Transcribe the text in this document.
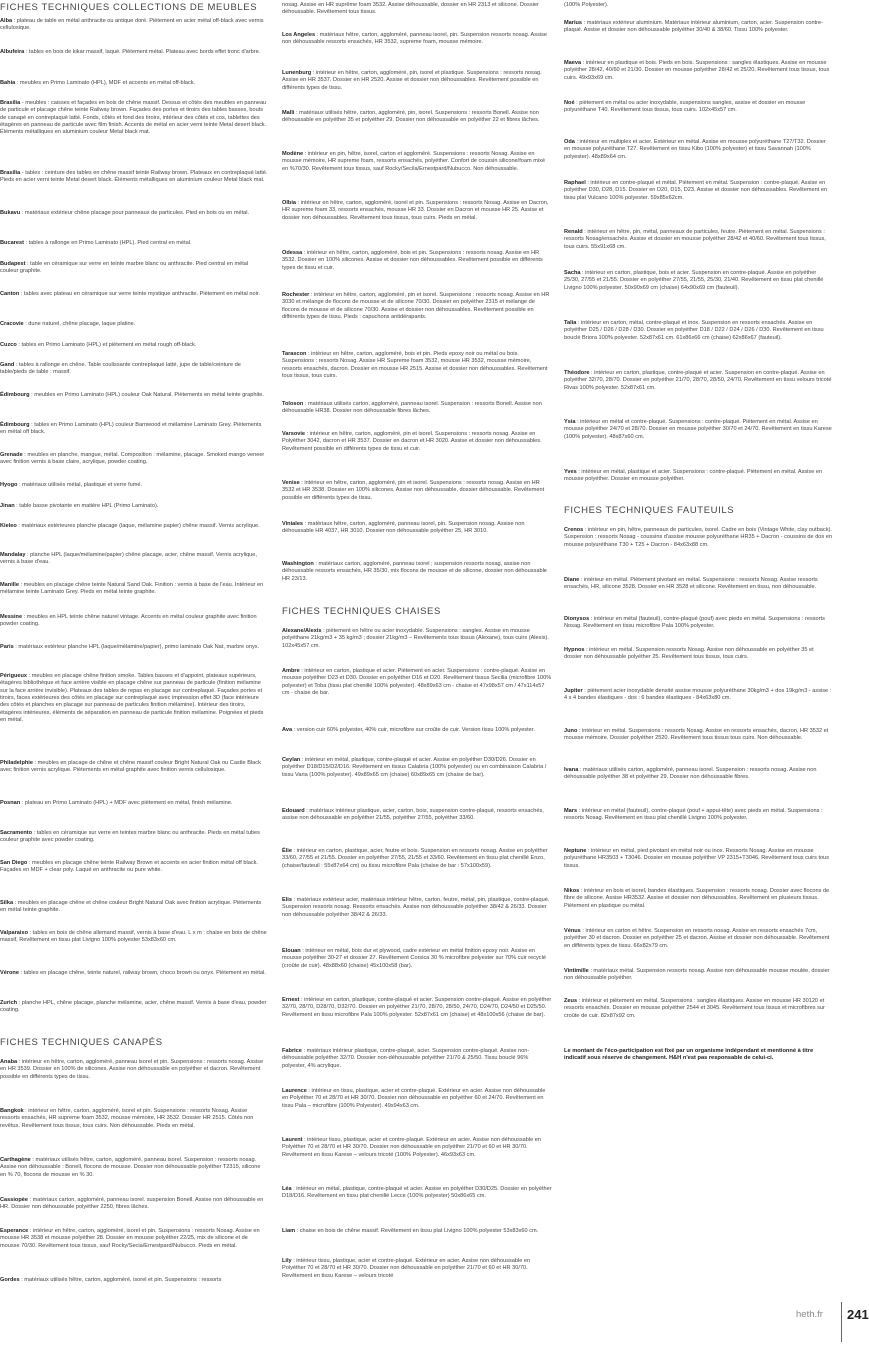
FICHES TECHNIQUES COLLECTIONS DE MEUBLES

Alba : plateau de table en métal anthracite ou antique doré. Piètement en acier métal off-black avec vernis cellulosique.

Albufeira : tables en bois de kikar massif, laqué. Piètement métal. Plateau avec bords effet tronc d'arbre.

Bahia : meubles en Primo Laminato (HPL), MDF et accents en métal off-black.

Brasilia - meubles : caisses et façades en bois de chêne massif. Dessus et côtés des meubles en panneau de particule et placage chêne teinte Railway brown. Façades des portes et tiroirs des tables basses, bouts de canapé en contreplaqué latté. Fonds, côtés et fond des tiroirs, intérieur des côtés et cos, tablettes des étagères en panneau de particule avec film finish. Accents de métal en acier verni teinte Metal desert black. Éléments métalliques en aluminium couleur Metal black mat.

Brasilia - tables : ceinture des tables en chêne massif teinte Railway brown. Plateaux en contreplaqué latté. Pieds en acier verni teinte Metal desert black. Éléments métalliques en aluminium couleur Metal black mat.

Bukavu : matériaux extérieur chêne placage pour panneaux de particules. Pied en bois ou en métal.

Bucarest : tables à rallonge en Primo Laminato (HPL). Pied central en métal.

Budapest : table en céramique sur verre en teinte marbre blanc ou anthracite. Pied central en métal couleur graphite.

Canton : tables avec plateau en céramique sur verre teinte mystique anthracite. Piètement en métal noir.

Cracovie : dune naturel, chêne placage, laque platine.

Cuzco : tables en Primo Laminato (HPL) et piètement en métal rough off-black.

Gand : tables à rallonge en chêne. Table coulissante contreplaqué latté, jupe de table/ceinture de table/pieds de table : massif.

Édimbourg : meubles en Primo Laminato (HPL) couleur Oak Natural. Piètements en métal teinte graphite.

Édimbourg : tables en Primo Laminato (HPL) couleur Barnwood et mélamine Laminato Grey. Piètements en métal off black.

Grenade : meubles en planche, mangue, métal. Composition : mélamine, placage. Smoked mango veneer avec finition vernis à base claire, acrylique, powder coating.

Hyogo : matériaux utilisés métal, plastique et verre fumé.

Jinan : table basse pivotante en matière HPL (Primo Laminato).

Kieleo : matériaux extérieures planche placage (laque, mélamine papier) chêne massif. Vernis acrylique.

Mandalay : planche HPL (laque/mélamine/papier) chêne placage, acier, chêne massif. Vernis acrylique, vernis à base d'eau.

Manille : meubles en placage chêne teinte Natural Sand Oak. Finition : vernis à base de l'eau. Intérieur en mélamine teinte Laminato Grey. Pieds en métal teinte graphite.

Messine : meubles en HPL teinte chêne naturel vintage. Accents en métal couleur graphite avec finition powder coating.

Paris : matériaux extérieur planche HPL (laque/mélamine/papier), primo laminato Oak Nat, marbre onyx.

Périgueux : meubles en placage chêne finition smoke. Tables basses et d'appoint, plateaux supérieurs, étagères bibliothèque et face arrière visible en placage chêne sur panneau de particule (finition mélamine sur la face arrière invisible). Plateaux des tables de repas en placage sur contreplaqué. Façades portes et tiroirs, faces extérieures des côtés en placage sur contreplaqué avec impression effet 3D (face intérieure des côtés et planches en placage sur panneau de particules finition mélamine). Intérieur des tiroirs, étagères intérieures, éléments de séparation en panneau de particule finition mélamine. Poignées et pieds en métal.

Philadelphie : meubles en placage de chêne et chêne massif couleur Bright Natural Oak ou Castle Black avec finition vernis acrylique. Piètements en métal graphite avec finition vernis cellulosique.

Posnan : plateau en Primo Laminato (HPL) + MDF avec piètement en métal, finish mélamine.

Sacramento : tables en céramique sur verre en teintes marbre blanc ou anthracite. Pieds en métal tubes couleur graphite avec powder coating.

San Diego : meubles en placage chêne teinte Railway Brown et accents en acier finition métal off black. Façades en MDF + clear poly. Laqué en anthracite ou pure white.

Silka : meubles en placage chêne et chêne couleur Bright Natural Oak avec finition acrylique. Piètements en métal teinte graphite.

Valparaiso : tables en bois de chêne allemand massif, vernis à base d'eau. L x m : chaise en bois de chêne massif, Revêtement en tissu plat Livigno 100% polyester 53x83x60 cm.

Vérone : tables en placage chêne, teinte naturel, railway brown, choco brown ou onyx. Piètement en métal.

Zurich : planche HPL, chêne placage, planche mélamine, acier, chêne massif. Vernis à base d'eau, powder coating.

FICHES TECHNIQUES CANAPÉS

Anaba : intérieur en hêtre, carton, aggloméré, panneau isorel et pin. Suspensions : ressorts nosag. Assise en HR 3539. Dossier en 100% de silicones. Assise non déhoussable en polyéther et dacron. Revêtement possible en différents types de tissu.

Bangkok : intérieur en hêtre, carton, aggloméré, isorel et pin. Suspensions : ressorts Nosag. Assise ressorts ensachés, HR supreme foam 3532, mousse mémoire, HR 3532. Dossier HR 2515. Côtés non revêtus. Revêtement tous tissus, tous cuirs. Non déhoussable. Pieds en métal.

Carthagène : matériaux utilisés hêtre, carton, aggloméré, panneau isorel. Suspension : ressorts nosag. Assise non déhoussable : Bonell, flocons de mousse. Dossier non déhoussable polyéther T2315, silicone en % 70, flocons de mousse en % 30.

Cassiopée : matériaux carton, aggloméré, panneau isorel. suspension Bonell. Assise non déhoussable en HR. Dossier non déhoussable polyéther 2250, fibres lâches.

Esperance : intérieur en hêtre, carton, aggloméré, isorel et pin. Suspensions : ressorts Nosag. Assise en mousse HR 3538 et mousse polyéther 28. Dossier en mousse polyéther 22/25, mix de silicone et de mousse 70/30. Revêtement tous tissus, sauf Rocky/Secia/Ernestpard/Nubucco. Pieds en métal.

Gordes : matériaux utilisés hêtre, carton, aggloméré, isorel et pin. Suspensions : ressorts

nosag. Assise en HR suprême foam 3532. Assise déhoussable, dossier en HR 2313 et silicone. Dossier déhoussable. Revêtement tous tissus.

Los Angeles : matériaux hêtre, carton, aggloméré, panneau isorel, pin. Suspension ressorts nosag. Assise non déhoussable ressorts ensachés, HR 3532, supreme foam, mousse mémoire.

Lunenburg : intérieur en hêtre, carton, aggloméré, pin, isorel et plastique. Suspensions : ressorts nosag. Assise en HR 3537. Dossier en HR 2520. Assise et dossier non déhoussables. Revêtement possible en différents types de tissu.

Malli : matériaux utilisés hêtre, carton, aggloméré, pin, isorel. Suspensions : ressorts Bonell. Assise non déhoussable en polyéther 35 et polyéther 29. Dossier non déhoussable en polyéther 22 et fibres lâches.

Modène : intérieur en pin, hêtre, isorel, carton et aggloméré. Suspensions : ressorts Nosag. Assise en mousse mémoire, HR supreme foam, ressorts ensachés, polyéther. Confort de coussin silicone/foam mixé en %70/30. Revêtement tous tissus, sauf Rocky/Secila/Ernestpard/Nubucco. Non déhoussable.

Olbia : intérieur en hêtre, carton, aggloméré, isorel et pin. Suspensions : ressorts Nosag. Assise en Dacron, HR supreme foam 33, ressorts ensachés, mousse HR 33. Dossier en Dacron et mousse HR 25. Assise et dossier non déhoussables. Revêtement tous tissus, tous cuirs. Pieds en métal.

Odessa : intérieur en hêtre, carton, aggloméré, bois et pin. Suspensions : ressorts nosag. Assise en HR 3532. Dossier en 100% silicones. Assise et dossier non déhoussables. Revêtement possible en différents types de tissu et cuir.

Rochester : intérieur en hêtre, carton, aggloméré, pin et isorel. Suspensions : ressorts nosag. Assise en HR 3030 et mélange de flocons de mousse et de silicone 70/30. Dossier en polyéther 2315 et mélange de flocons de mousse et de silicone 70/30. Assise et dossier non déhoussables. Revêtement possible en différents types de tissu. Pieds : capuchons antidérapants.

Tarascon : intérieur en hêtre, carton, aggloméré, bois et pin. Pieds epoxy noir ou métal ou bois. Suspensions : ressorts Nosag. Assise HR Supreme foam 3532, mousse HR 3532, mousse mémoire, ressorts ensachés, dacron. Dossier en mousse HR 2515. Assise et dossier non déhoussables. Revêtement tous tissus, tous cuirs.

Toloson : matériaux utilisés carton, aggloméré, panneau isorel. Suspension : ressorts Bonell. Assise non déhoussable HR38. Dossier non déhoussable fibres lâches.

Varsovie : intérieur en hêtre, carton, aggloméré, pin et isorel. Suspensions : ressorts nosag. Assise en Polyéther 3042, dacron et HR 3537. Dossier en dacron et HR 3020. Assise et dossier non déhoussables. Revêtement possible en différents types de tissu et cuir.

Venise : intérieur en hêtre, carton, aggloméré, pin et isorel. Suspensions : ressorts nosag. Assise en HR 3532 et HR 3538. Dossier en 100% silicones. Assise non déhoussable, dossier déhoussable. Revêtement possible en différents types de tissu.

Viniales : matériaux hêtre, carton, aggloméré, panneau isorel, pin. Suspension nosag. Assise non déhoussable HR 4037, HR 3010. Dossier non déhoussable polyéther 25, HR 3010.

Washington : matériaux carton, aggloméré, panneau isorel ; suspension ressorts nosag, assise non déhoussable ressorts ensachés, HR 35/30, mix flocons de mousse et de silicone, dossier non déhoussable HR 23/13.

FICHES TECHNIQUES CHAISES

Alexane/Alexis : piètement en hêtre ou acier inoxydable. Suspensions : sangles. Assise en mousse polyéthane 21kg/m3 + 35 kg/m3 ; dossier 21kg/m3 – Revêtements tous tissus (Alexane), tous cuirs (Alexis). 102x45x57 cm.

Ambre : intérieur en carton, plastique et acier. Piètement en acier. Suspensions : contre-plaqué. Assise en mousse polyéther D23 et D30. Dossier en polyéther D16 et D20. Revêtement tissus Secilia (microfibre 100% polyester) et Toba (tissu plat chenillé 100% polyester). 48x89x63 cm - chaise et 47x98x57 cm / 47x114x57 cm - chaise de bar.

Ava : version cuir 60% polyester, 40% cuir, microfibre sur croûte de cuir. Version tissu 100% polyester.

Ceylan : intérieur en métal, plastique, contre-plaqué et acier. Assise en polyéther D30/D26. Dossier en polyéther D18/D15/D2/D16. Revêtement en tissus Calabria (100% polyester) ou en combinaison Calabria / tissu Varia (100% polyester). 49x89x65 cm (chaise) 60x89x65 cm (chaise de bar).

Edouard : matériaux intérieur plastique, acier, carton, bois, suspension contre-plaqué, ressorts ensachés, assise non déhoussable en polyéther 21/55, polyéther 27/55, polyéther 33/60.

Élie : intérieur en carton, plastique, acier, feutre et bois. Suspension en ressorts nosag. Assise en polyéther 33/60, 27/55 et 21/55. Dossier en polyéther 27/55, 21/55 et 33/60. Revêtement en tissu plat chenillé Enzo, (chaise/fauteuil : 55x87x64 cm) ou tissu microfibre Pala (chaise de bar : 57x100x59).

Elis : matériaux extérieur acier, matériaux intérieur hêtre, carton, feutre, métal, pin, plastique, contre-plaqué. Suspension ressorts nosag. Ressorts ensachés. Assise non déhoussable polyéther 38/42 & 26/33. Dossier non déhoussable polyéther 38/42 & 26/33.

Elouan : intérieur en métal, bois dur et plywood, cadre extérieur en métal finition epoxy noir. Assise en mousse polyéther 30-27 et dossier 27. Revêtement Corsica 30 % microfibre polyester sur 70% cuir recyclé (croûte de cuir). 48x88x60 (chaise) 45x100x58 (bar).

Ernest : intérieur en carton, plastique, contre-plaqué et acier. Suspension contre-plaqué. Assise en polyéther 32/70, 28/70, D28/70, D32/70. Dossier en polyéther 21/70, 28/70, 28/50, 24/70, D24/70, D24/50 et D25/50. Revêtement en tissu microfibre Pala 100% polyester. 52x87x61 cm (chaise) et 48x100x56 (chaise de bar).

Fabrice : matériaux intérieur plastique, contre-plaqué, acier. Suspension contre-plaqué. Assise non-déhoussable polyéther 32/70. Dossier non-déhoussable polyéther 21/70 & 25/50. Tissu bouclé 96% polyester, 4% acrylique.

Laurence : intérieur en tissu, plastique, acier et contre-plaqué. Extérieur en acier. Assise non déhoussable en Polyéther 70 et 28/70 et HR 30/70. Dossier non déhoussable en polyéther 60 et 24/70. Revêtement en tissu Pala – microfibre (100% Polyester). 49x94x63 cm.

Laurent : intérieur tissu, plastique, acier et contre-plaqué. Extérieur en acier. Assise non déhoussable en Polyéther 70 et 28/70 et HR 30/70. Dossier non déhoussable en polyéther 21/70 et 60 et HR 30/70. Revêtement en tissu Karese – velours tricoté (100% Polyester). 46x93x63 cm.

Léa : intérieur en métal, plastique, contre-plaqué et acier. Assise en polyéther D30/D25. Dossier en polyéther D18/D16. Revêtement en tissu plat chenillé Lecce (100% polyester) 50x86x65 cm.

Liam : chaise en bois de chêne massif. Revêtement en tissu plat Livigno 100% polyester 53x83x60 cm.

Lily : intérieur tissu, plastique, acier et contre-plaqué. Extérieur en acier. Assise non déhoussable en Polyéther 70 et 28/70 et HR 30/70. Dossier non déhoussable en polyéther 21/70 et 60 et HR 30/70. Revêtement en tissu Karese – velours tricoté

(100% Polyester).

Marius : matériaux extérieur aluminium. Matériaux intérieur aluminium, carton, acier. Suspension contre-plaqué. Assise et dossier non déhoussable polyéther 30/40 & 38/60. Tissu 100% polyester.

Maeva : intérieur en plastique et bois. Pieds en bois. Suspensions : sangles élastiques. Assise en mousse polyéther 28/42, 40/60 et 21/30. Dossier en mousse polyéther 28/42 et 25/20. Revêtement tous tissus, tous cuirs. 49x93x69 cm.

Noé : piètement en métal ou acier inoxydable, suspensions sangles, assise et dossier en mousse polyuréthane T40. Revêtement tous tissus, tous cuirs. 102x45x57 cm.

Oda : intérieur en multiplex et acier. Extérieur en métal. Assise en mousse polyuréthane T27/T32. Dossier en mousse polyuréthane T27. Revêtement en tissu Kibo (100% polyester) et tissu Savannah (100% polyester). 48x89x64 cm.

Raphael : intérieur en contre-plaqué et métal. Piètement en métal. Suspension : contre-plaqué. Assise en polyéther D30, D28, D15. Dossier en D20, D15, D23. Assise et dossier non déhoussables. Revêtement en tissu plat Vulcano 100% polyester. 59x85x62cm.

Renald : intérieur en hêtre, pin, métal, panneaux de particules, feutre. Piètement en métal. Suspensions : ressorts Nosag/ensachés. Assise et dossier en mousse polyéther 28/42 et 40/60. Revêtement tous tissus, tous cuirs. 55x91x68 cm.

Sacha : intérieur en carton, plastique, bois et acier. Suspension en contre-plaqué. Assise en polyéther 25/30, 27/55 et 21/55. Dossier en polyéther 27/55, 21/55, 25/30, 21/40. Revêtement en tissu plat chenillé Livigno 100% polyester. 50x90x69 cm (chaise) 64x90x69 cm (fauteuil).

Talia : intérieur en carton, métal, contre-plaqué et inox. Suspension en ressorts ensachés. Assise en polyéther D25 / D26 / D28 / D30. Dossier en polyéther D18 / D22 / D24 / D26 / D30. Revêtement en tissu bouclé Briora 100% polyester. 52x87x61 cm. 61x86x66 cm (chaise) 62x86x67 (fauteuil).

Théodore : intérieur en carton, plastique, contre-plaqué et acier. Suspension en contre-plaqué. Assise en polyéther 32/70, 28/70. Dossier en polyéther 21/70, 28/70, 28/50, 24/70. Revêtement en tissu velours tricoté Rivas 100% polyester. 52x87x61 cm.

Ysia : intérieur en métal et contre-plaqué. Suspensions : contre-plaqué. Piètement en métal. Assise en mousse polyéther 24/70 et 28/70. Dossier en mousse polyéther 30/70 et 24/70. Revêtement en tissu Karese (100% polyester). 48x87x60 cm.

Yves : intérieur en métal, plastique et acier. Suspensions : contre-plaqué. Piètement en métal. Assise en mousse polyéther. Dossier en mousse polyéther.

FICHES TECHNIQUES FAUTEUILS

Crenos : intérieur en pin, hêtre, panneaux de particules, isorel. Cadre en bois (Vintage White, clay outback). Suspension : ressorts Nosag - coussins d'assise mousse polyuréthane HR35 + Dacron - coussins de dos en mousse polyuréthane T30 + T25 + Dacron - 84x63x88 cm.

Diane : intérieur en métal. Piètement pivotant en métal. Suspensions : ressorts Nosag. Assise ressorts ensachés, HR, silicone 3528. Dossier en HR 3528 et silicone. Revêtement en tissu, non déhoussable.

Dionysos : intérieur en métal (fauteuil), contre-plaqué (pouf) avec pieds en métal. Suspensions : ressorts Nosag. Revêtement en tissu microfibre Pala 100% polyester.

Hypnos : intérieur en métal. Suspension ressorts Nosag. Assise non déhoussable en polyéther 35 et dossier non déhoussable polyéther 25. Revêtement tous tissus, tous cuirs.

Jupiter : piètement acier inoxydable densité assise mousse polyuréthane 30kg/m3 + dos 19kg/m3 - assise : 4 x 4 bandes élastiques - dos : 6 bandes élastiques - 84x63x80 cm.

Juno : intérieur en métal. Suspensions : ressorts Nosag. Assise en ressorts ensachés, dacron, HR 3532 et mousse mémoire. Dossier polyéther 2520. Revêtement tous tissus tous cuirs. Non déhoussable.

Ivana : matériaux utilisés carton, aggloméré, panneau isorel. Suspension : ressorts nosag. Assise non déhoussable polyéther 38 et polyéther 29. Dossier non déhoussable fibres.

Mars : intérieur en métal (fauteuil), contre-plaqué (pouf + appui-tête) avec pieds en métal. Suspensions : ressorts Nosag. Revêtement en tissu plat chenillé Livigno 100% polyester.

Neptune : intérieur en métal, pied pivotant en métal noir ou inox. Ressorts Nosag. Assise en mousse polyuréthane HR3503 + T3046. Dossier en mousse polyéther VP 2315+T3046. Revêtement tous cuirs tous tissus.

Nikos : intérieur en bois et isorel, bandes élastiques. Suspension : ressorts nosag. Dossier avec flocons de fibre de silicone. Assise HR3532. Assise et dossier non déhoussables. Revêtement en plusieurs tissus. Piètement en plastique ou métal.

Vénus : intérieur en carton et hêtre. Suspension en ressorts nosag. Assise en ressorts ensachés 7cm, polyéther 30 et dacron. Dossier en polyéther 25 et dacron. Assise et dossier non déhoussable. Revêtement en différents types de tissu. 66x82x79 cm.

Vintimille : matériaux métal. Suspension ressorts nosag. Assise non déhoussable mousse moulée, dossier non déhoussable polyéther.

Zeus : intérieur et piètement en métal. Suspensions : sangles élastiques. Assise en mousse HR 30120 et ressorts ensachés. Dossier en mousse polyéther 2544 et 3045. Revêtement tous tissus et microfibres sur croûte de cuir. 82x87x92 cm.

Le montant de l'éco-participation est fixé par un organisme indépendant et mentionné à titre indicatif sous réserve de changement. H&H n'est pas responsable de celui-ci.

heth.fr 241
